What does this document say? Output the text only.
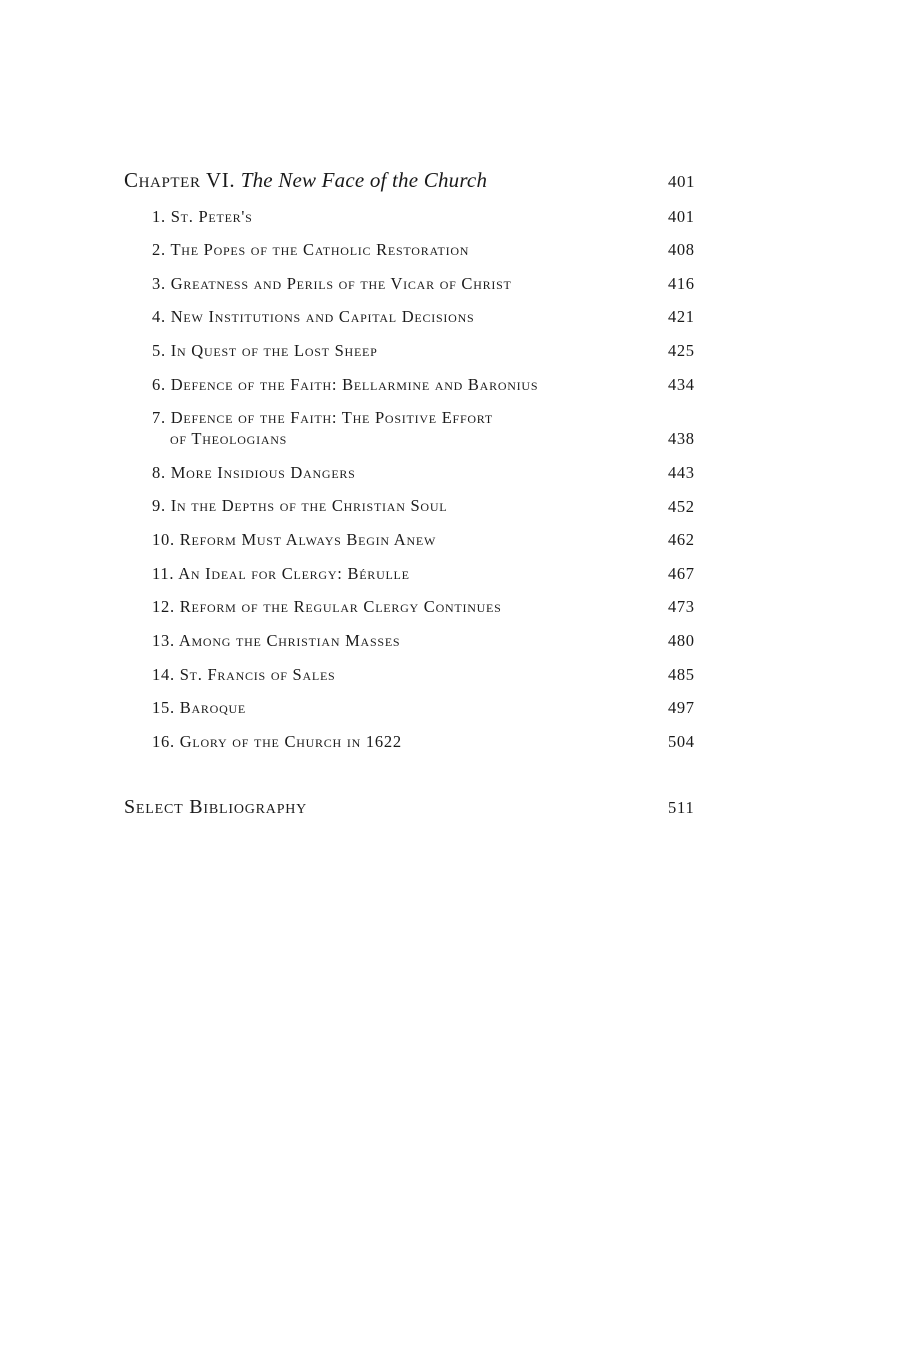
Chapter VI. The New Face of the Church	401
1. St. Peter's	401
2. The Popes of the Catholic Restoration	408
3. Greatness and Perils of the Vicar of Christ	416
4. New Institutions and Capital Decisions	421
5. In Quest of the Lost Sheep	425
6. Defence of the Faith: Bellarmine and Baronius	434
7. Defence of the Faith: The Positive Effort
of Theologians	438
8. More Insidious Dangers	443
9. In the Depths of the Christian Soul	452
10. Reform Must Always Begin Anew	462
11. An Ideal for Clergy: Bérulle	467
12. Reform of the Regular Clergy Continues	473
13. Among the Christian Masses	480
14. St. Francis of Sales	485
15. Baroque	497
16. Glory of the Church in 1622	504
Select Bibliography	511
